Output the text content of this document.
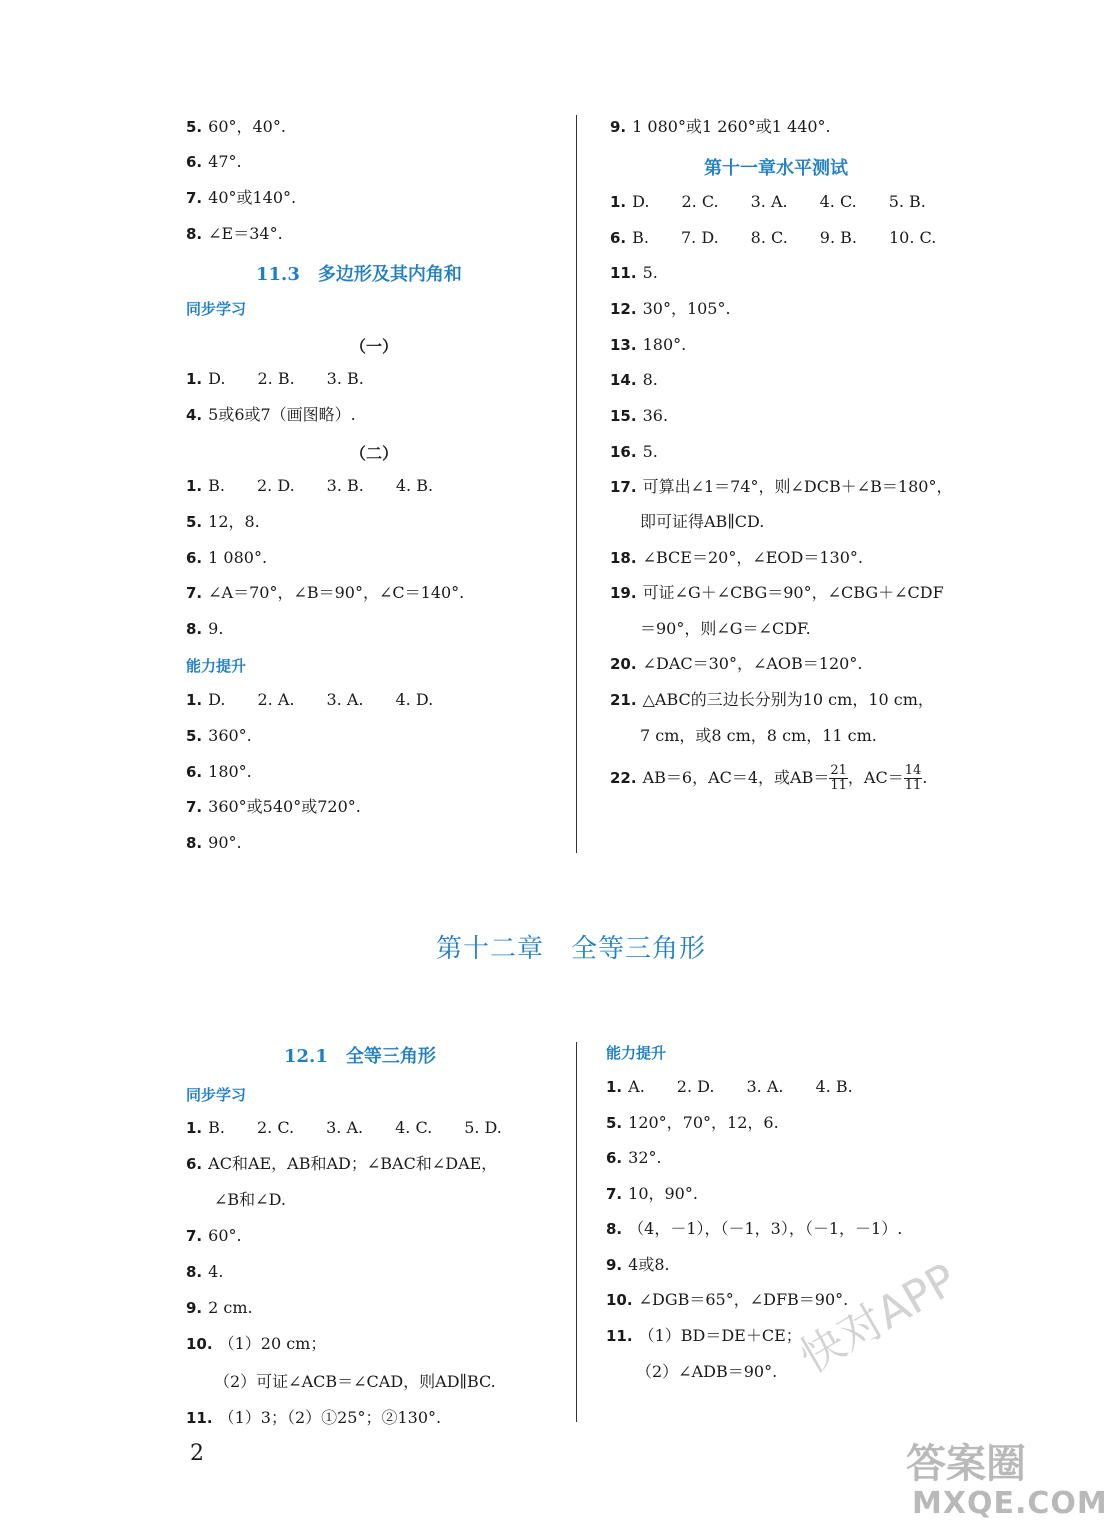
5. 60°，40°.
6. 47°.
7. 40°或140°.
8. ∠E＝34°.
11.3　多边形及其内角和
同步学习
（一）
1. D.　　2. B.　　3. B.
4. 5或6或7（画图略）.
（二）
1. B.　　2. D.　　3. B.　　4. B.
5. 12，8.
6. 1 080°.
7. ∠A＝70°，∠B＝90°，∠C＝140°.
8. 9.
能力提升
1. D.　　2. A.　　3. A.　　4. D.
5. 360°.
6. 180°.
7. 360°或540°或720°.
8. 90°.
9. 1 080°或1 260°或1 440°.
第十一章水平测试
1. D.　　2. C.　　3. A.　　4. C.　　5. B.
6. B.　　7. D.　　8. C.　　9. B.　　10. C.
11. 5.
12. 30°，105°.
13. 180°.
14. 8.
15. 36.
16. 5.
17. 可算出∠1＝74°，则∠DCB＋∠B＝180°，
即可证得AB∥CD.
18. ∠BCE＝20°，∠EOD＝130°.
19. 可证∠G＋∠CBG＝90°，∠CBG＋∠CDF
＝90°，则∠G＝∠CDF.
20. ∠DAC＝30°，∠AOB＝120°.
21. △ABC的三边长分别为10 cm，10 cm，
7 cm，或8 cm，8 cm，11 cm.
22. AB＝6，AC＝4，或$AB= \frac{21}{11}$ ，$AC= \frac{14}{11}$ .
第十二章　全等三角形
12.1　全等三角形
同步学习
1. B.　　2. C.　　3. A.　　4. C.　　5. D.
6. AC和AE，AB和AD；∠BAC和∠DAE，
∠B和∠D.
7. 60°.
8. 4.
9. 2 cm.
10. （1）20 cm；
（2）可证∠ACB＝∠CAD，则AD∥BC.
11. （1）3；（2）①25°；②130°.
能力提升
1. A.　　2. D.　　3. A.　　4. B.
5. 120°，70°，12，6.
6. 32°.
7. 10，90°.
8. （4，－1），（－1，3），（－1，－1）.
9. 4或8.
10. ∠DGB＝65°，∠DFB＝90°.
11. （1）BD＝DE＋CE；
（2）∠ADB＝90°.
2
快对APP
答案圈
MXQE.COM
